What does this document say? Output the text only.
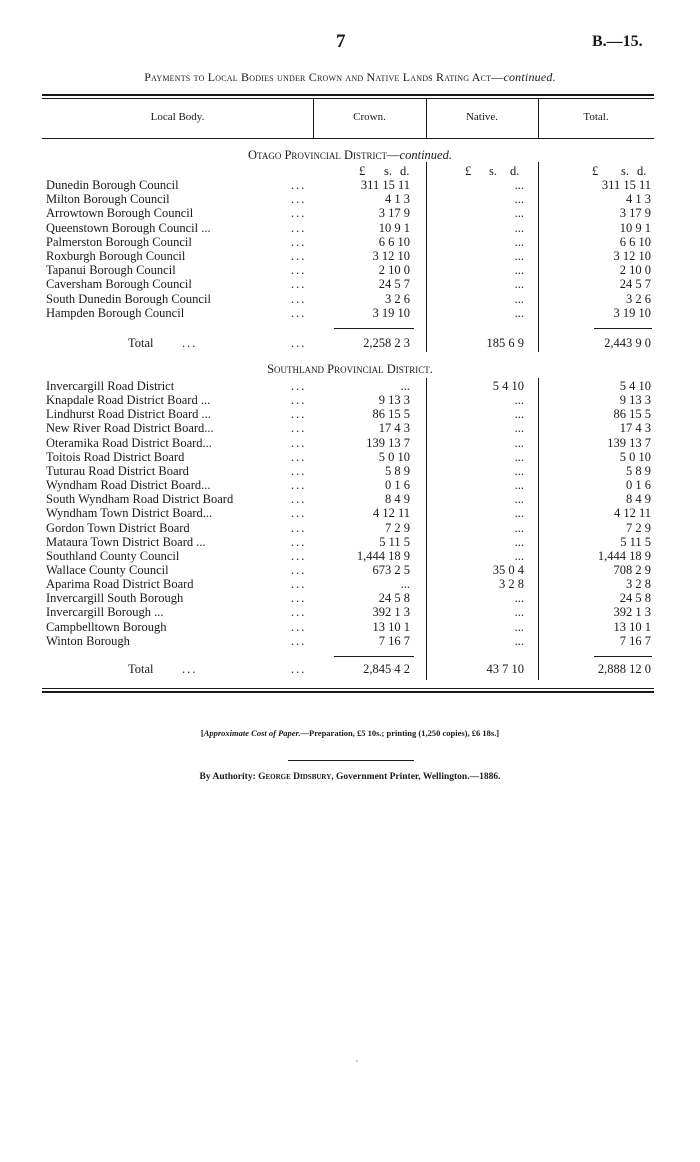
7	B.—15.
Payments to Local Bodies under Crown and Native Lands Rating Act—continued.
Local Body.	Crown.	Native.	Total.
Otago Provincial District—continued.
£ s. d.	£ s. d.	£ s. d.
Dunedin Borough Council	...	311 15 11	...	311 15 11
Milton Borough Council	...	4 1 3	...	4 1 3
Arrowtown Borough Council	...	3 17 9	...	3 17 9
Queenstown Borough Council ...	...	10 9 1	...	10 9 1
Palmerston Borough Council	...	6 6 10	...	6 6 10
Roxburgh Borough Council	...	3 12 10	...	3 12 10
Tapanui Borough Council	...	2 10 0	...	2 10 0
Caversham Borough Council	...	24 5 7	...	24 5 7
South Dunedin Borough Council	...	3 2 6	...	3 2 6
Hampden Borough Council	...	3 19 10	...	3 19 10
Total ...	...	2,258 2 3	185 6 9	2,443 9 0
Southland Provincial District.
Invercargill Road District	...	...	5 4 10	5 4 10
Knapdale Road District Board ...	...	9 13 3	...	9 13 3
Lindhurst Road District Board ...	...	86 15 5	...	86 15 5
New River Road District Board...	...	17 4 3	...	17 4 3
Oteramika Road District Board...	...	139 13 7	...	139 13 7
Toitois Road District Board	...	5 0 10	...	5 0 10
Tuturau Road District Board	...	5 8 9	...	5 8 9
Wyndham Road District Board...	...	0 1 6	...	0 1 6
South Wyndham Road District Board	...	8 4 9	...	8 4 9
Wyndham Town District Board...	...	4 12 11	...	4 12 11
Gordon Town District Board	...	7 2 9	...	7 2 9
Mataura Town District Board ...	...	5 11 5	...	5 11 5
Southland County Council	...	1,444 18 9	...	1,444 18 9
Wallace County Council	...	673 2 5	35 0 4	708 2 9
Aparima Road District Board	...	...	3 2 8	3 2 8
Invercargill South Borough	...	24 5 8	...	24 5 8
Invercargill Borough ...	...	392 1 3	...	392 1 3
Campbelltown Borough	...	13 10 1	...	13 10 1
Winton Borough	...	7 16 7	...	7 16 7
Total ...	...	2,845 4 2	43 7 10	2,888 12 0
[Approximate Cost of Paper.—Preparation, £5 10s.; printing (1,250 copies), £6 18s.]
By Authority: George Didsbury, Government Printer, Wellington.—1886.
